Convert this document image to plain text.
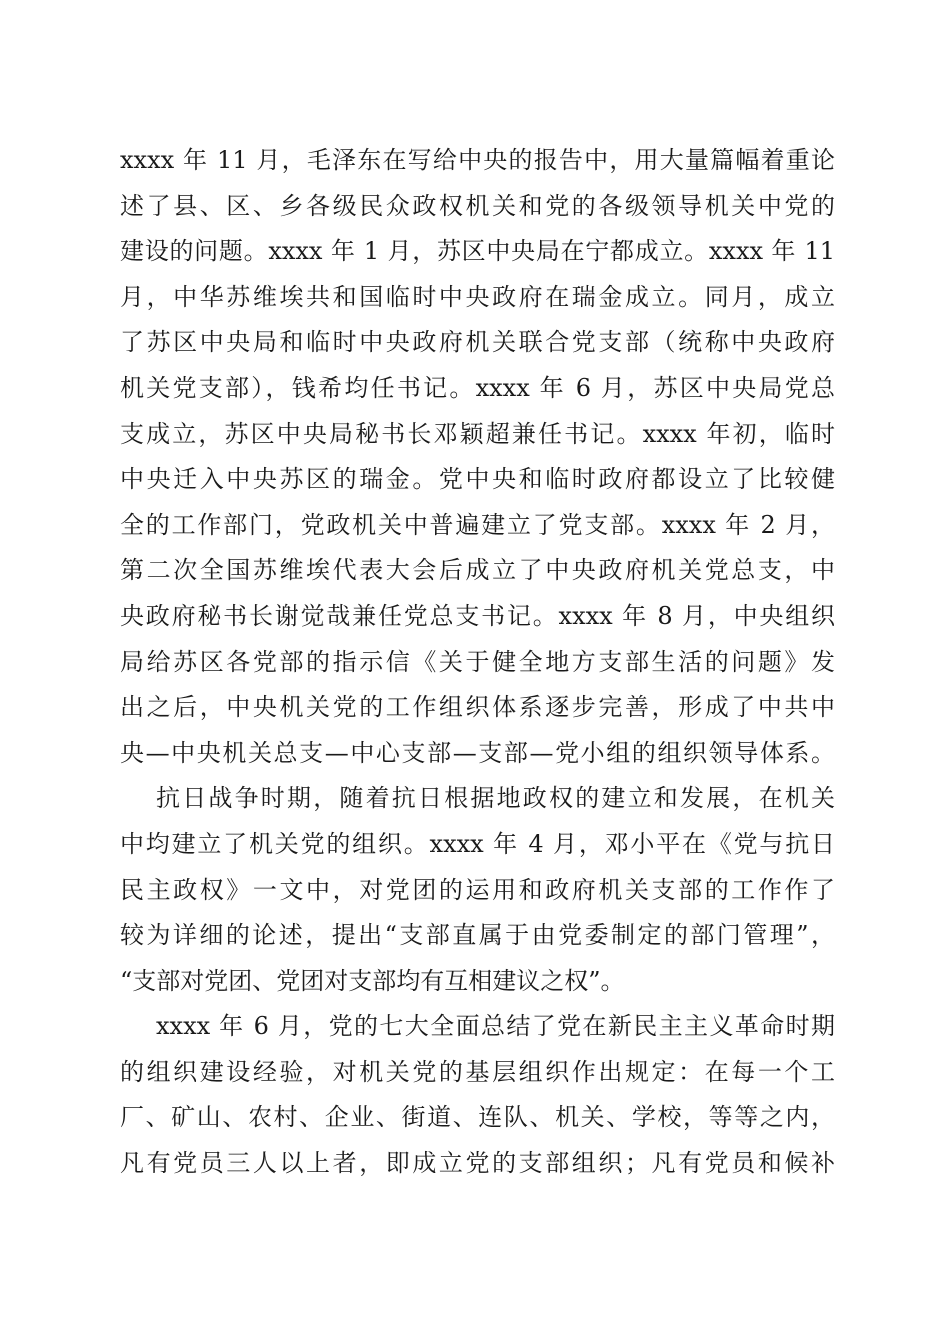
xxxx 年 11 月，毛泽东在写给中央的报告中，用大量篇幅着重论
述了县、区、乡各级民众政权机关和党的各级领导机关中党的
建设的问题。xxxx 年 1 月，苏区中央局在宁都成立。xxxx 年 11
月，中华苏维埃共和国临时中央政府在瑞金成立。同月，成立
了苏区中央局和临时中央政府机关联合党支部（统称中央政府
机关党支部），钱希均任书记。xxxx 年 6 月，苏区中央局党总
支成立，苏区中央局秘书长邓颖超兼任书记。xxxx 年初，临时
中央迁入中央苏区的瑞金。党中央和临时政府都设立了比较健
全的工作部门，党政机关中普遍建立了党支部。xxxx 年 2 月，
第二次全国苏维埃代表大会后成立了中央政府机关党总支，中
央政府秘书长谢觉哉兼任党总支书记。xxxx 年 8 月，中央组织
局给苏区各党部的指示信《关于健全地方支部生活的问题》发
出之后，中央机关党的工作组织体系逐步完善，形成了中共中
央—中央机关总支—中心支部—支部—党小组的组织领导体系。
抗日战争时期，随着抗日根据地政权的建立和发展，在机关
中均建立了机关党的组织。xxxx 年 4 月，邓小平在《党与抗日
民主政权》一文中，对党团的运用和政府机关支部的工作作了
较为详细的论述，提出“支部直属于由党委制定的部门管理”，
“支部对党团、党团对支部均有互相建议之权”。
xxxx 年 6 月，党的七大全面总结了党在新民主主义革命时期
的组织建设经验，对机关党的基层组织作出规定：在每一个工
厂、矿山、农村、企业、街道、连队、机关、学校，等等之内，
凡有党员三人以上者，即成立党的支部组织；凡有党员和候补
